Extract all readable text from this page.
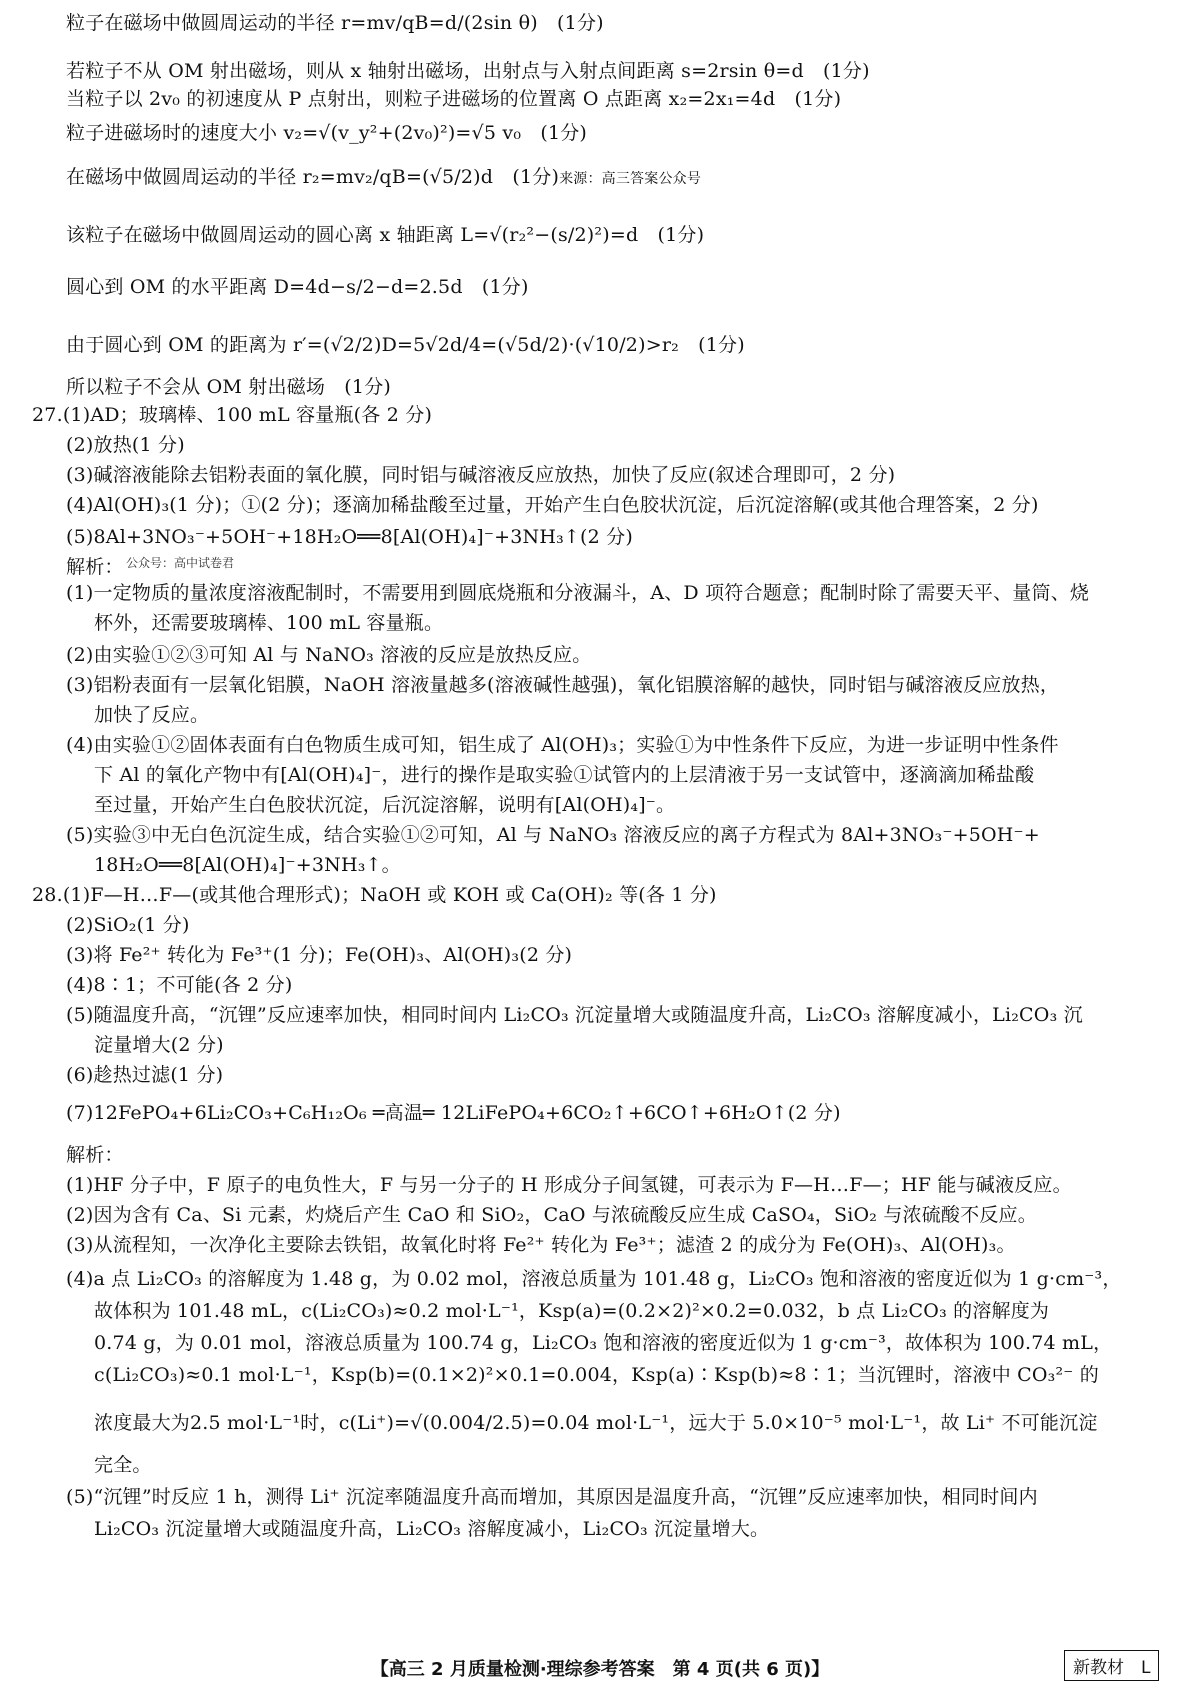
粒子在磁场中做圆周运动的半径 r=mv/qB=d/(2sin θ)　(1分)
若粒子不从 OM 射出磁场，则从 x 轴射出磁场，出射点与入射点间距离 s=2rsin θ=d　(1分)
当粒子以 2v₀ 的初速度从 P 点射出，则粒子进磁场的位置离 O 点距离 x₂=2x₁=4d　(1分)
粒子进磁场时的速度大小 v₂=√(v_y²+(2v₀)²)=√5 v₀　(1分)
在磁场中做圆周运动的半径 r₂=mv₂/qB=(√5/2)d　(1分)来源：高三答案公众号
该粒子在磁场中做圆周运动的圆心离 x 轴距离 L=√(r₂²−(s/2)²)=d　(1分)
圆心到 OM 的水平距离 D=4d−s/2−d=2.5d　(1分)
由于圆心到 OM 的距离为 r′=(√2/2)D=5√2d/4=(√5d/2)·(√10/2)>r₂　(1分)
所以粒子不会从 OM 射出磁场　(1分)
27.(1)AD；玻璃棒、100 mL 容量瓶(各 2 分)
(2)放热(1 分)
(3)碱溶液能除去铝粉表面的氧化膜，同时铝与碱溶液反应放热，加快了反应(叙述合理即可，2 分)
(4)Al(OH)₃(1 分)；①(2 分)；逐滴加稀盐酸至过量，开始产生白色胶状沉淀，后沉淀溶解(或其他合理答案，2 分)
(5)8Al+3NO₃⁻+5OH⁻+18H₂O══8[Al(OH)₄]⁻+3NH₃↑(2 分)
解析： 公众号：高中试卷君
(1)一定物质的量浓度溶液配制时，不需要用到圆底烧瓶和分液漏斗，A、D 项符合题意；配制时除了需要天平、量筒、烧
杯外，还需要玻璃棒、100 mL 容量瓶。
(2)由实验①②③可知 Al 与 NaNO₃ 溶液的反应是放热反应。
(3)铝粉表面有一层氧化铝膜，NaOH 溶液量越多(溶液碱性越强)，氧化铝膜溶解的越快，同时铝与碱溶液反应放热，
加快了反应。
(4)由实验①②固体表面有白色物质生成可知，铝生成了 Al(OH)₃；实验①为中性条件下反应，为进一步证明中性条件
下 Al 的氧化产物中有[Al(OH)₄]⁻，进行的操作是取实验①试管内的上层清液于另一支试管中，逐滴滴加稀盐酸
至过量，开始产生白色胶状沉淀，后沉淀溶解，说明有[Al(OH)₄]⁻。
(5)实验③中无白色沉淀生成，结合实验①②可知，Al 与 NaNO₃ 溶液反应的离子方程式为 8Al+3NO₃⁻+5OH⁻+
18H₂O══8[Al(OH)₄]⁻+3NH₃↑。
28.(1)F—H…F—(或其他合理形式)；NaOH 或 KOH 或 Ca(OH)₂ 等(各 1 分)
(2)SiO₂(1 分)
(3)将 Fe²⁺ 转化为 Fe³⁺(1 分)；Fe(OH)₃、Al(OH)₃(2 分)
(4)8∶1；不可能(各 2 分)
(5)随温度升高，“沉锂”反应速率加快，相同时间内 Li₂CO₃ 沉淀量增大或随温度升高，Li₂CO₃ 溶解度减小，Li₂CO₃ 沉
淀量增大(2 分)
(6)趁热过滤(1 分)
(7)12FePO₄+6Li₂CO₃+C₆H₁₂O₆ ═高温═ 12LiFePO₄+6CO₂↑+6CO↑+6H₂O↑(2 分)
解析：
(1)HF 分子中，F 原子的电负性大，F 与另一分子的 H 形成分子间氢键，可表示为 F—H…F—；HF 能与碱液反应。
(2)因为含有 Ca、Si 元素，灼烧后产生 CaO 和 SiO₂，CaO 与浓硫酸反应生成 CaSO₄，SiO₂ 与浓硫酸不反应。
(3)从流程知，一次净化主要除去铁铝，故氧化时将 Fe²⁺ 转化为 Fe³⁺；滤渣 2 的成分为 Fe(OH)₃、Al(OH)₃。
(4)a 点 Li₂CO₃ 的溶解度为 1.48 g，为 0.02 mol，溶液总质量为 101.48 g，Li₂CO₃ 饱和溶液的密度近似为 1 g·cm⁻³，
故体积为 101.48 mL，c(Li₂CO₃)≈0.2 mol·L⁻¹，Ksp(a)=(0.2×2)²×0.2=0.032，b 点 Li₂CO₃ 的溶解度为
0.74 g，为 0.01 mol，溶液总质量为 100.74 g，Li₂CO₃ 饱和溶液的密度近似为 1 g·cm⁻³，故体积为 100.74 mL，
c(Li₂CO₃)≈0.1 mol·L⁻¹，Ksp(b)=(0.1×2)²×0.1=0.004，Ksp(a)∶Ksp(b)≈8∶1；当沉锂时，溶液中 CO₃²⁻ 的
浓度最大为2.5 mol·L⁻¹时，c(Li⁺)=√(0.004/2.5)=0.04 mol·L⁻¹，远大于 5.0×10⁻⁵ mol·L⁻¹，故 Li⁺ 不可能沉淀
完全。
(5)“沉锂”时反应 1 h，测得 Li⁺ 沉淀率随温度升高而增加，其原因是温度升高，“沉锂”反应速率加快，相同时间内
Li₂CO₃ 沉淀量增大或随温度升高，Li₂CO₃ 溶解度减小，Li₂CO₃ 沉淀量增大。
【高三 2 月质量检测·理综参考答案　第 4 页(共 6 页)】	新教材　L
